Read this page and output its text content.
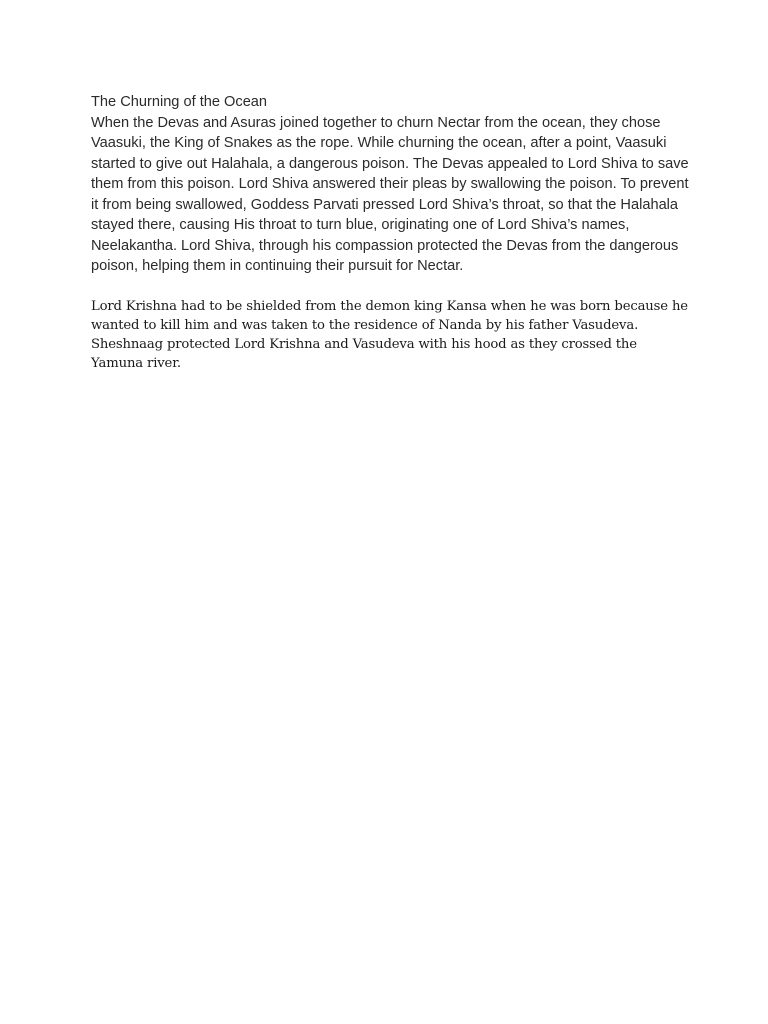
The Churning of the Ocean

When the Devas and Asuras joined together to churn Nectar from the ocean, they chose Vaasuki, the King of Snakes as the rope. While churning the ocean, after a point, Vaasuki started to give out Halahala, a dangerous poison. The Devas appealed to Lord Shiva to save them from this poison. Lord Shiva answered their pleas by swallowing the poison. To prevent it from being swallowed, Goddess Parvati pressed Lord Shiva’s throat, so that the Halahala stayed there, causing His throat to turn blue, originating one of Lord Shiva’s names, Neelakantha. Lord Shiva, through his compassion protected the Devas from the dangerous poison, helping them in continuing their pursuit for Nectar.

Lord Krishna had to be shielded from the demon king Kansa when he was born because he wanted to kill him and was taken to the residence of Nanda by his father Vasudeva. Sheshnaag protected Lord Krishna and Vasudeva with his hood as they crossed the Yamuna river.
